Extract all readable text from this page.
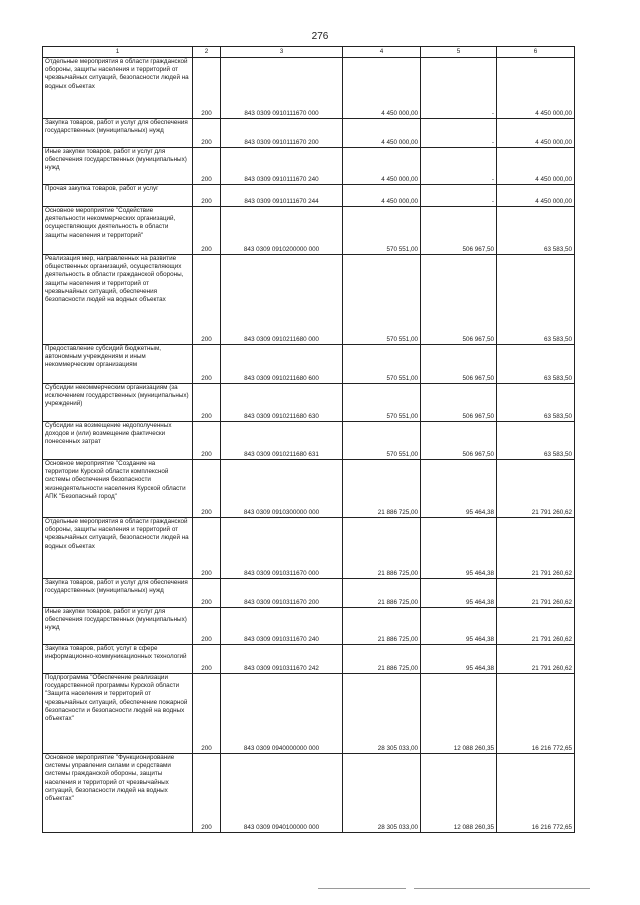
276
1	2	3	4	5	6
Отдельные мероприятия в области гражданской обороны, защиты населения и территорий от чрезвычайных ситуаций, безопасности людей на водных объектах	200	843 0309 0910111670 000	4 450 000,00	-	4 450 000,00
Закупка товаров, работ и услуг для обеспечения государственных (муниципальных) нужд	200	843 0309 0910111670 200	4 450 000,00	-	4 450 000,00
Иные закупки товаров, работ и услуг для обеспечения государственных (муниципальных) нужд	200	843 0309 0910111670 240	4 450 000,00	-	4 450 000,00
Прочая закупка товаров, работ и услуг	200	843 0309 0910111670 244	4 450 000,00	-	4 450 000,00
Основное мероприятие "Содействие деятельности некоммерческих организаций, осуществляющих деятельность в области защиты населения и территорий"	200	843 0309 0910200000 000	570 551,00	506 967,50	63 583,50
Реализация мер, направленных на развитие общественных организаций, осуществляющих деятельность в области гражданской обороны, защиты населения и территорий от чрезвычайных ситуаций, обеспечения безопасности людей на водных объектах	200	843 0309 0910211680 000	570 551,00	506 967,50	63 583,50
Предоставление субсидий бюджетным, автономным учреждениям и иным некоммерческим организациям	200	843 0309 0910211680 600	570 551,00	506 967,50	63 583,50
Субсидии некоммерческим организациям (за исключением государственных (муниципальных) учреждений)	200	843 0309 0910211680 630	570 551,00	506 967,50	63 583,50
Субсидии на возмещение недополученных доходов и (или) возмещение фактически понесенных затрат	200	843 0309 0910211680 631	570 551,00	506 967,50	63 583,50
Основное мероприятие "Создание на территории Курской области комплексной системы обеспечения безопасности жизнедеятельности населения Курской области АПК "Безопасный город"	200	843 0309 0910300000 000	21 886 725,00	95 464,38	21 791 260,62
Отдельные мероприятия в области гражданской обороны, защиты населения и территорий от чрезвычайных ситуаций, безопасности людей на водных объектах	200	843 0309 0910311670 000	21 886 725,00	95 464,38	21 791 260,62
Закупка товаров, работ и услуг для обеспечения государственных (муниципальных) нужд	200	843 0309 0910311670 200	21 886 725,00	95 464,38	21 791 260,62
Иные закупки товаров, работ и услуг для обеспечения государственных (муниципальных) нужд	200	843 0309 0910311670 240	21 886 725,00	95 464,38	21 791 260,62
Закупка товаров, работ, услуг в сфере информационно-коммуникационных технологий	200	843 0309 0910311670 242	21 886 725,00	95 464,38	21 791 260,62
Подпрограмма "Обеспечение реализации государственной программы Курской области "Защита населения и территорий от чрезвычайных ситуаций, обеспечение пожарной безопасности и безопасности людей на водных объектах"	200	843 0309 0940000000 000	28 305 033,00	12 088 260,35	16 216 772,65
Основное мероприятие "Функционирование системы управления силами и средствами системы гражданской обороны, защиты населения и территорий от чрезвычайных ситуаций, безопасности людей на водных объектах"	200	843 0309 0940100000 000	28 305 033,00	12 088 260,35	16 216 772,65
